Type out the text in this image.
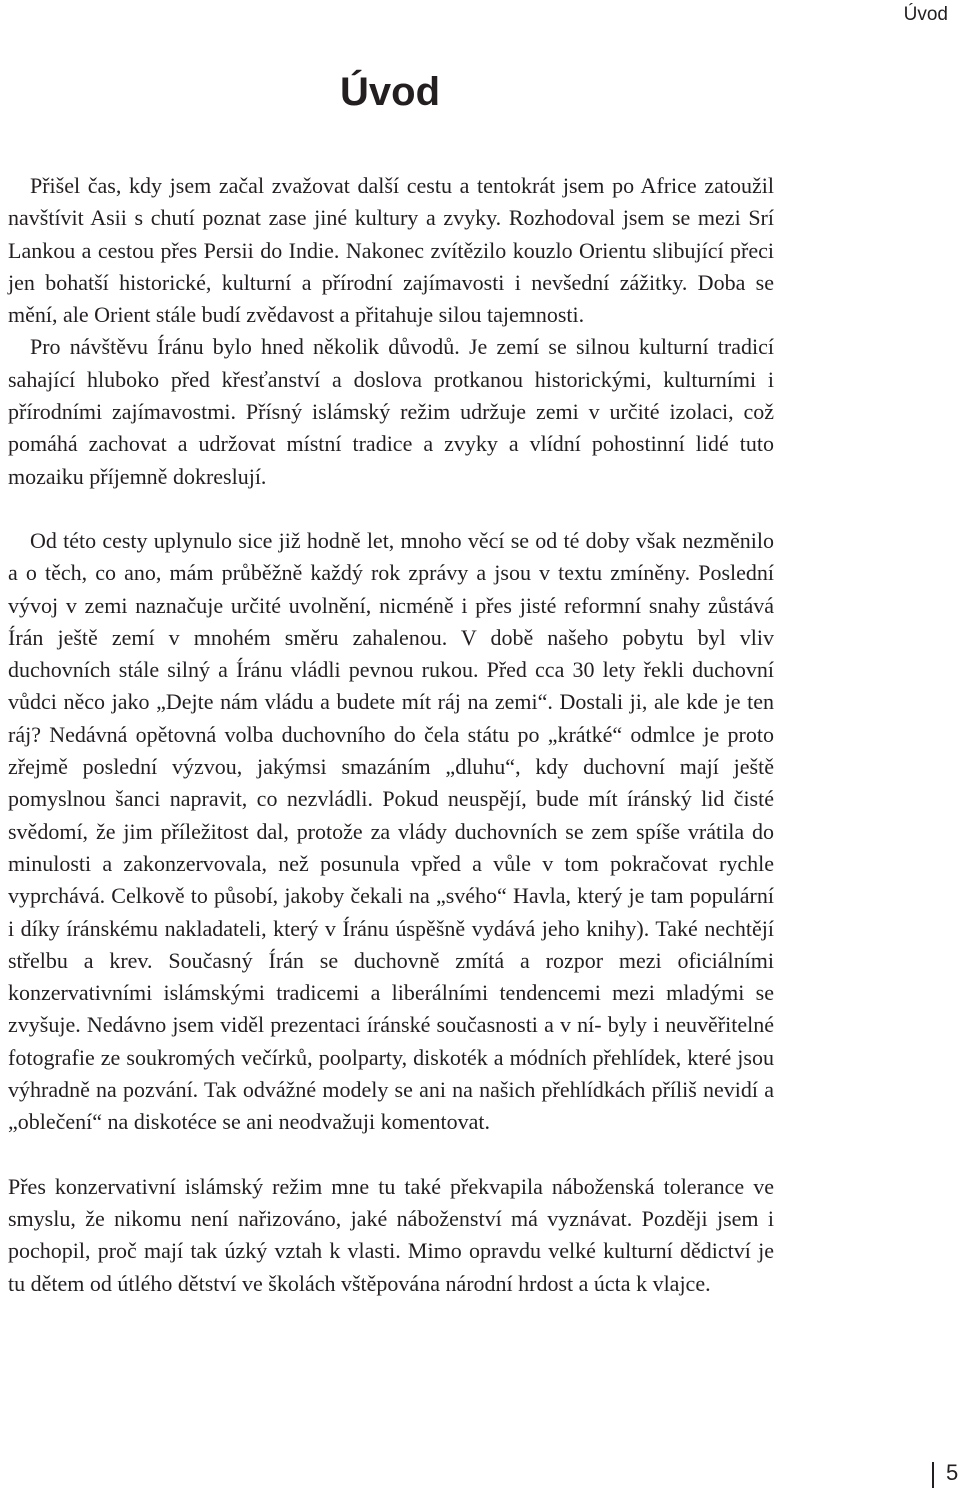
Úvod

Úvod

Přišel čas, kdy jsem začal zvažovat další cestu a tentokrát jsem po Africe zatoužil navštívit Asii s chutí poznat zase jiné kultury a zvyky. Rozhodoval jsem se mezi Srí Lankou a cestou přes Persii do Indie. Nakonec zvítězilo kouzlo Orientu slibující přeci jen bohatší historické, kulturní a přírodní zajímavosti i nevšední zážitky. Doba se mění, ale Orient stále budí zvědavost a přitahuje silou tajemnosti.

Pro návštěvu Íránu bylo hned několik důvodů. Je zemí se silnou kulturní tradicí sahající hluboko před křesťanství a doslova protkanou historickými, kulturními i přírodními zajímavostmi. Přísný islámský režim udržuje zemi v určité izolaci, což pomáhá zachovat a udržovat místní tradice a zvyky a vlídní pohostinní lidé tuto mozaiku příjemně dokreslují.

Od této cesty uplynulo sice již hodně let, mnoho věcí se od té doby však nezměnilo a o těch, co ano, mám průběžně každý rok zprávy a jsou v textu zmíněny. Poslední vývoj v zemi naznačuje určité uvolnění, nicméně i přes jisté reformní snahy zůstává Írán ještě zemí v mnohém směru zahalenou. V době našeho pobytu byl vliv duchovních stále silný a Íránu vládli pevnou rukou. Před cca 30 lety řekli duchovní vůdci něco jako „Dejte nám vládu a budete mít ráj na zemi“. Dostali ji, ale kde je ten ráj? Nedávná opětovná volba duchovního do čela státu po „krátké“ odmlce je proto zřejmě poslední výzvou, jakýmsi smazáním „dluhu“, kdy duchovní mají ještě pomyslnou šanci napravit, co nezvládli. Pokud neuspějí, bude mít íránský lid čisté svědomí, že jim příležitost dal, protože za vlády duchovních se zem spíše vrátila do minulosti a zakonzervovala, než posunula vpřed a vůle v tom pokračovat rychle vyprchává. Celkově to působí, jakoby čekali na „svého“ Havla, který je tam populární i díky íránskému nakladateli, který v Íránu úspěšně vydává jeho knihy). Také nechtějí střelbu a krev. Současný Írán se duchovně zmítá a rozpor mezi oficiálními konzervativními islámskými tradicemi a liberálními tendencemi mezi mladými se zvyšuje. Nedávno jsem viděl prezentaci íránské současnosti a v ní- byly i neuvěřitelné fotografie ze soukromých večírků, poolparty, diskoték a módních přehlídek, které jsou výhradně na pozvání. Tak odvážné modely se ani na našich přehlídkách příliš nevidí a „oblečení“ na diskotéce se ani neodvažuji komentovat.

Přes konzervativní islámský režim mne tu také překvapila náboženská tolerance ve smyslu, že nikomu není nařizováno, jaké náboženství má vyznávat. Později jsem i pochopil, proč mají tak úzký vztah k vlasti. Mimo opravdu velké kulturní dědictví je tu dětem od útlého dětství ve školách vštěpována národní hrdost a úcta k vlajce.

5
